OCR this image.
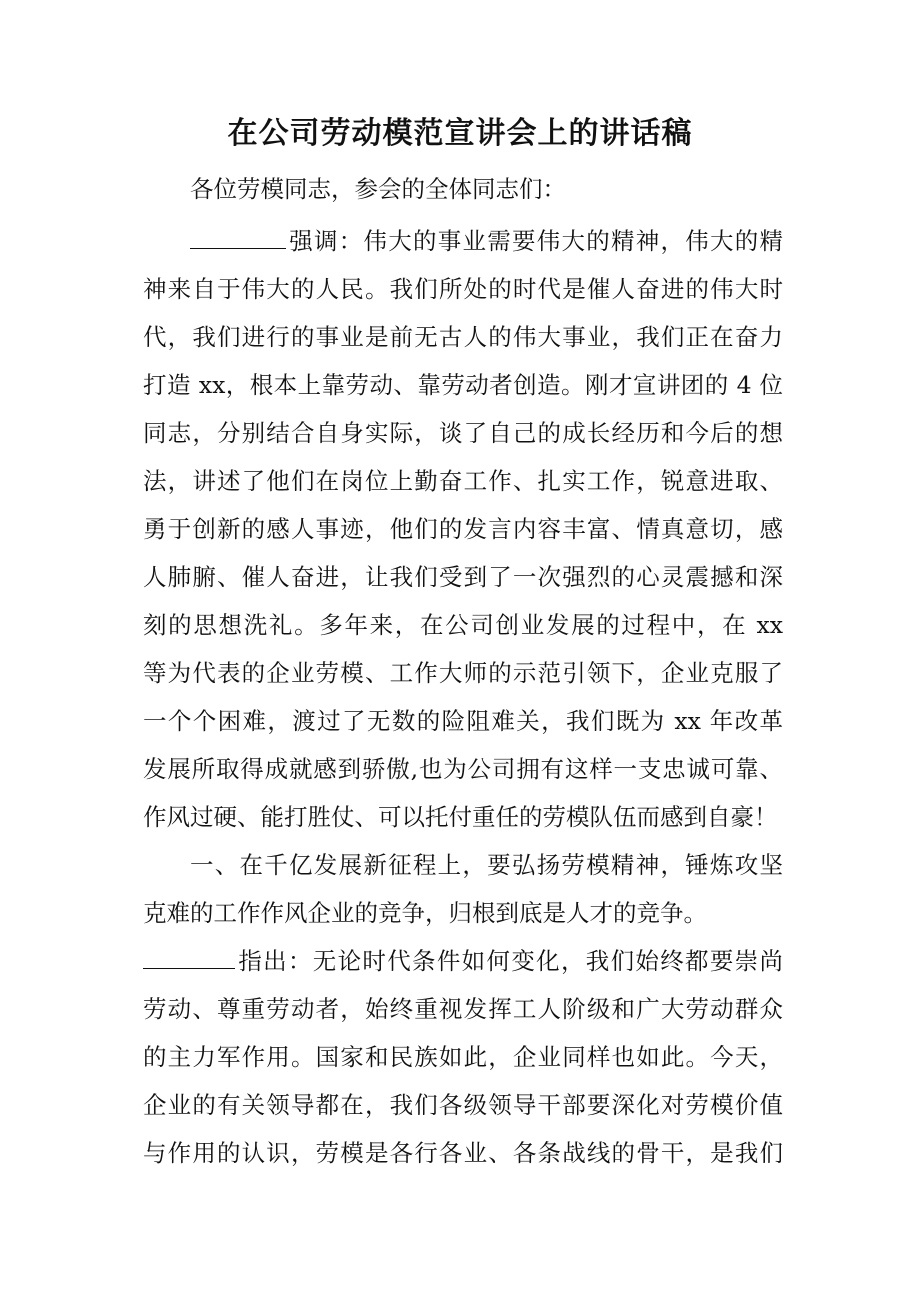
在公司劳动模范宣讲会上的讲话稿
各位劳模同志，参会的全体同志们：
强调：伟大的事业需要伟大的精神，伟大的精
神来自于伟大的人民。我们所处的时代是催人奋进的伟大时
代，我们进行的事业是前无古人的伟大事业，我们正在奋力
打造 xx，根本上靠劳动、靠劳动者创造。刚才宣讲团的 4 位
同志，分别结合自身实际，谈了自己的成长经历和今后的想
法，讲述了他们在岗位上勤奋工作、扎实工作，锐意进取、
勇于创新的感人事迹，他们的发言内容丰富、情真意切，感
人肺腑、催人奋进，让我们受到了一次强烈的心灵震撼和深
刻的思想洗礼。多年来，在公司创业发展的过程中，在 xx
等为代表的企业劳模、工作大师的示范引领下，企业克服了
一个个困难，渡过了无数的险阻难关，我们既为 xx 年改革
发展所取得成就感到骄傲,也为公司拥有这样一支忠诚可靠、
作风过硬、能打胜仗、可以托付重任的劳模队伍而感到自豪！
一、在千亿发展新征程上，要弘扬劳模精神，锤炼攻坚
克难的工作作风企业的竞争，归根到底是人才的竞争。
指出：无论时代条件如何变化，我们始终都要崇尚
劳动、尊重劳动者，始终重视发挥工人阶级和广大劳动群众
的主力军作用。国家和民族如此，企业同样也如此。今天，
企业的有关领导都在，我们各级领导干部要深化对劳模价值
与作用的认识，劳模是各行各业、各条战线的骨干，是我们
